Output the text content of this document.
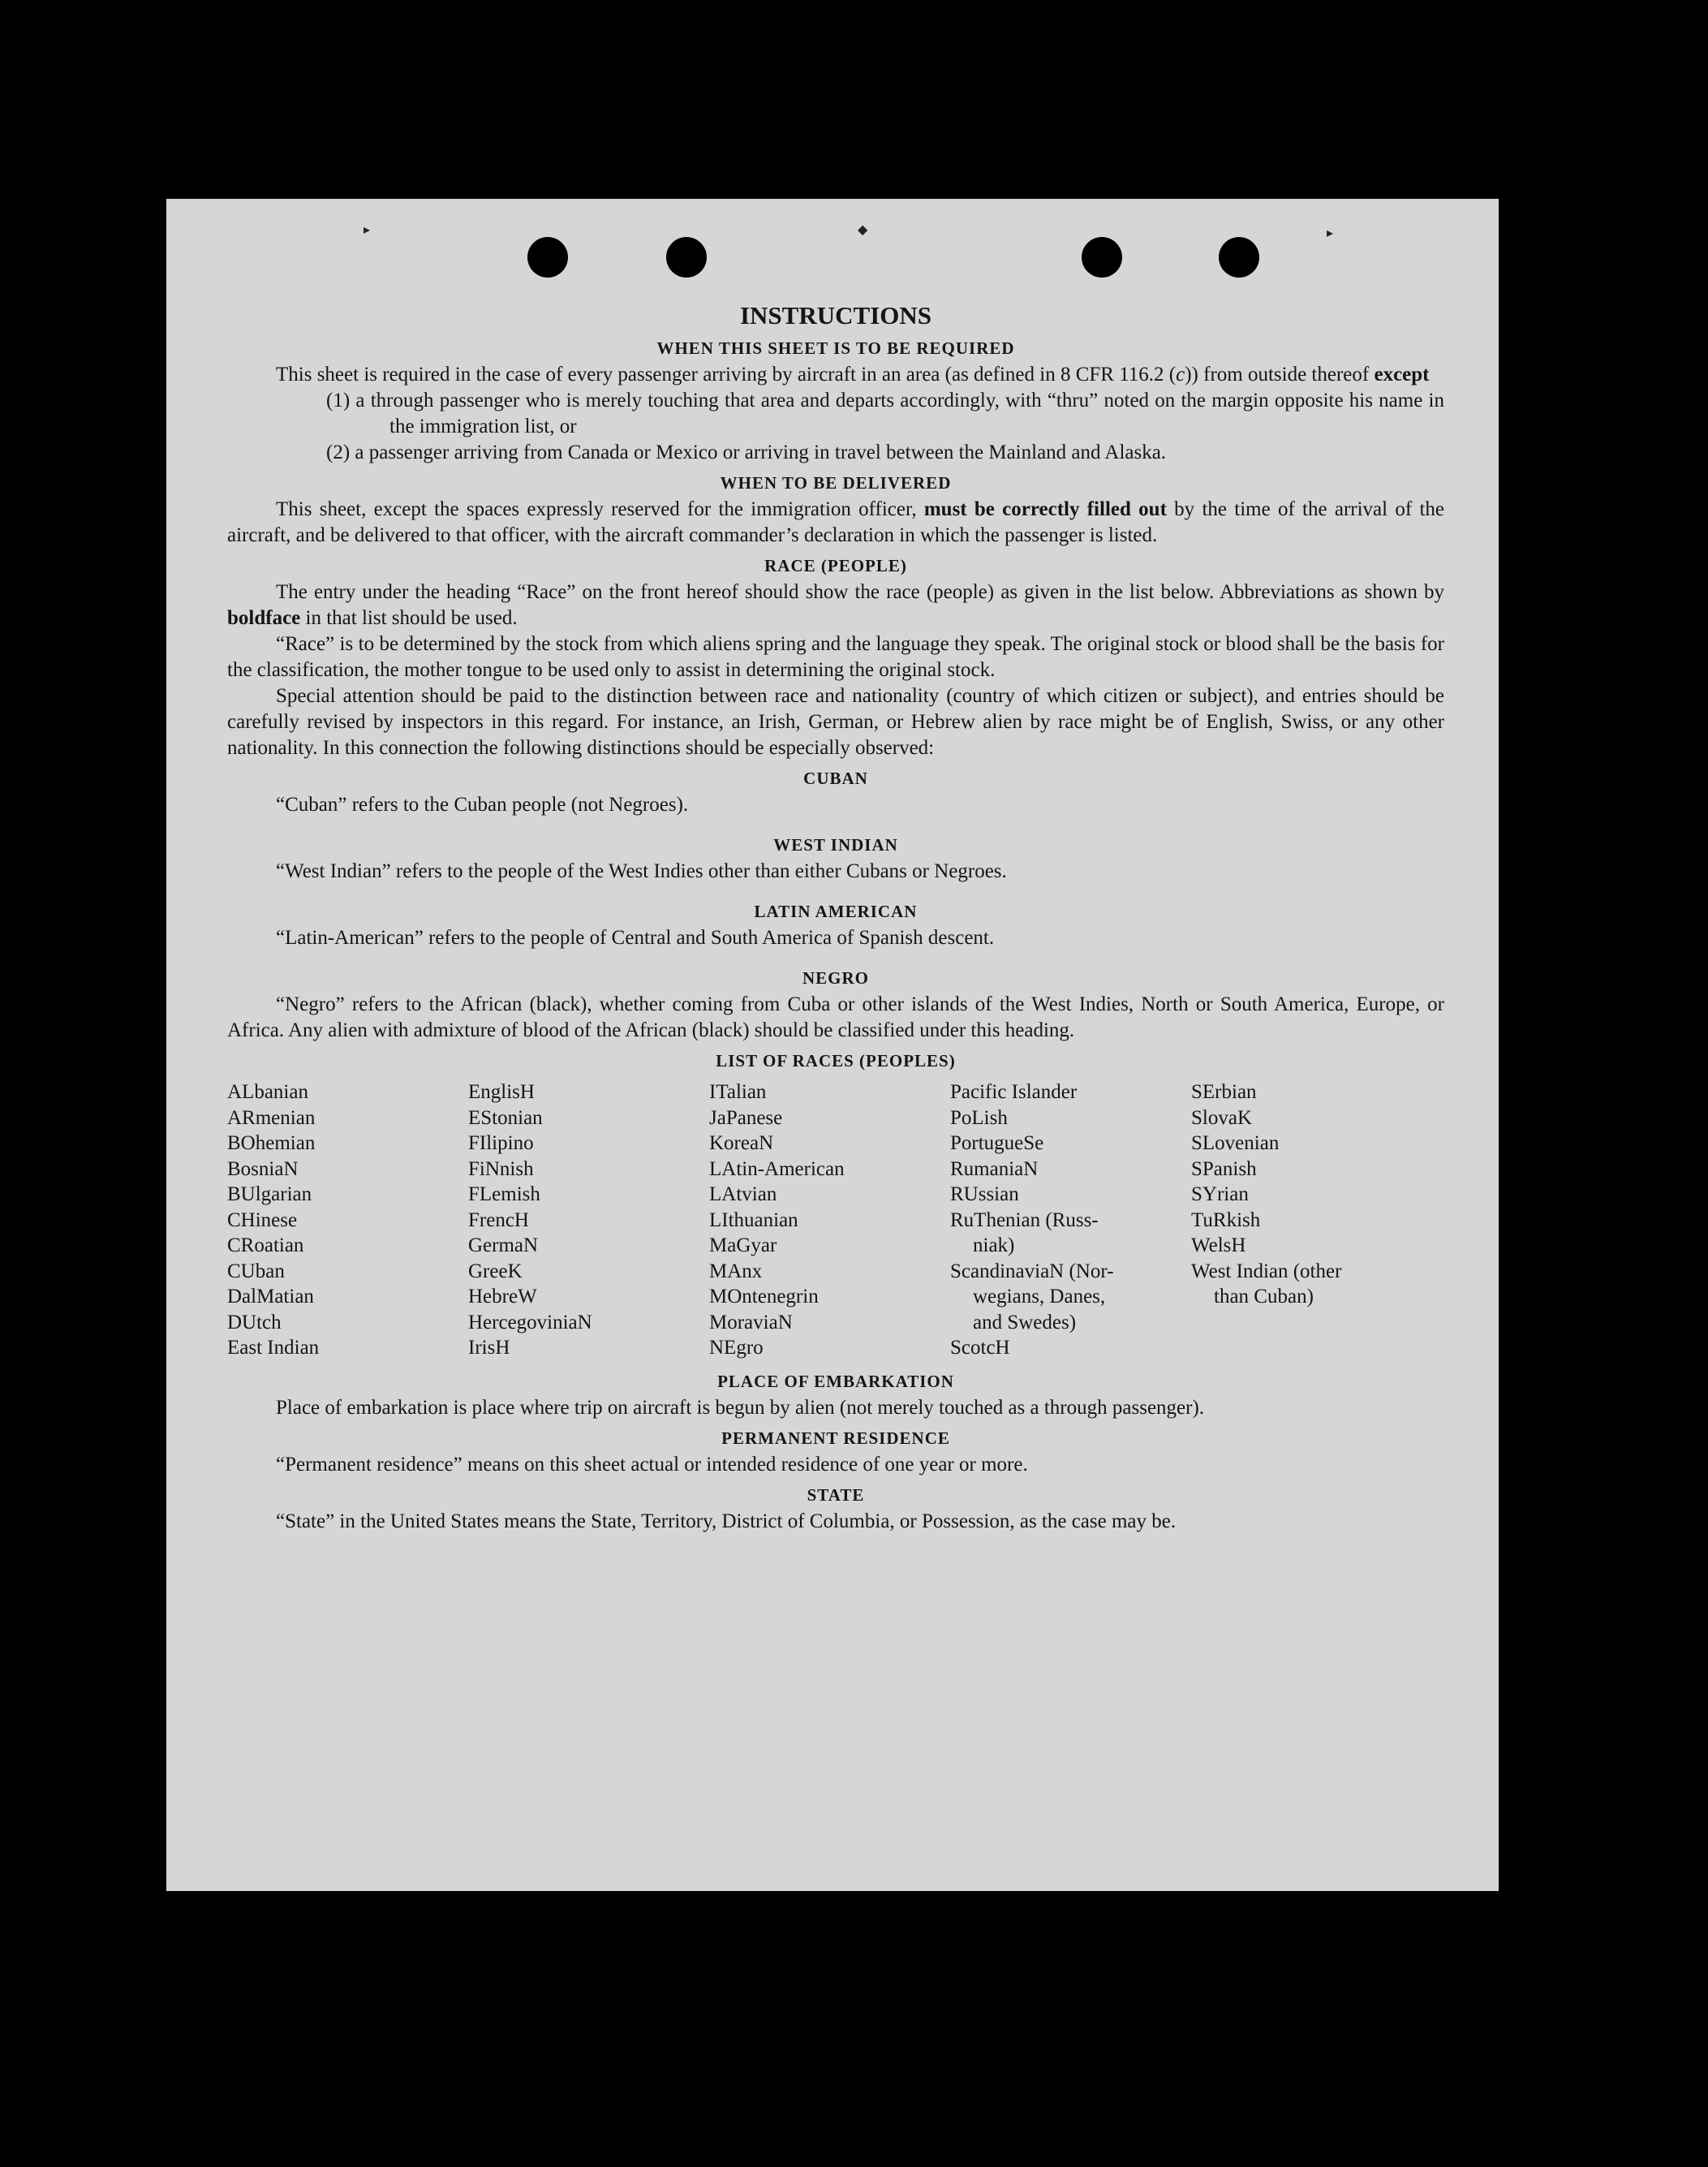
▸	◆	▸
INSTRUCTIONS
WHEN THIS SHEET IS TO BE REQUIRED

This sheet is required in the case of every passenger arriving by aircraft in an area (as defined in 8 CFR 116.2 (c)) from outside thereof except

(1) a through passenger who is merely touching that area and departs accordingly, with “thru” noted on the margin opposite his name in the immigration list, or

(2) a passenger arriving from Canada or Mexico or arriving in travel between the Mainland and Alaska.

WHEN TO BE DELIVERED

This sheet, except the spaces expressly reserved for the immigration officer, must be correctly filled out by the time of the arrival of the aircraft, and be delivered to that officer, with the aircraft commander’s declaration in which the passenger is listed.

RACE (PEOPLE)

The entry under the heading “Race” on the front hereof should show the race (people) as given in the list below. Abbreviations as shown by boldface in that list should be used.

“Race” is to be determined by the stock from which aliens spring and the language they speak. The original stock or blood shall be the basis for the classification, the mother tongue to be used only to assist in determining the original stock.

Special attention should be paid to the distinction between race and nationality (country of which citizen or subject), and entries should be carefully revised by inspectors in this regard. For instance, an Irish, German, or Hebrew alien by race might be of English, Swiss, or any other nationality. In this connection the following distinctions should be especially observed:

CUBAN

“Cuban” refers to the Cuban people (not Negroes).

WEST INDIAN

“West Indian” refers to the people of the West Indies other than either Cubans or Negroes.

LATIN AMERICAN

“Latin-American” refers to the people of Central and South America of Spanish descent.

NEGRO

“Negro” refers to the African (black), whether coming from Cuba or other islands of the West Indies, North or South America, Europe, or Africa. Any alien with admixture of blood of the African (black) should be classified under this heading.

LIST OF RACES (PEOPLES)
ALbanian
ARmenian
BOhemian
BosniaN
BUlgarian
CHinese
CRoatian
CUban
DalMatian
DUtch
East Indian
EnglisH
EStonian
FIlipino
FiNnish
FLemish
FrencH
GermaN
GreeK
HebreW
HercegoviniaN
IrisH
ITalian
JaPanese
KoreaN
LAtin-American
LAtvian
LIthuanian
MaGyar
MAnx
MOntenegrin
MoraviaN
NEgro
Pacific Islander
PoLish
PortugueSe
RumaniaN
RUssian
RuThenian (Russ-
niak)
ScandinaviaN (Nor-
wegians, Danes,
and Swedes)
ScotcH
SErbian
SlovaK
SLovenian
SPanish
SYrian
TuRkish
WelsH
West Indian (other
than Cuban)
PLACE OF EMBARKATION

Place of embarkation is place where trip on aircraft is begun by alien (not merely touched as a through passenger).

PERMANENT RESIDENCE

“Permanent residence” means on this sheet actual or intended residence of one year or more.

STATE

“State” in the United States means the State, Territory, District of Columbia, or Possession, as the case may be.
